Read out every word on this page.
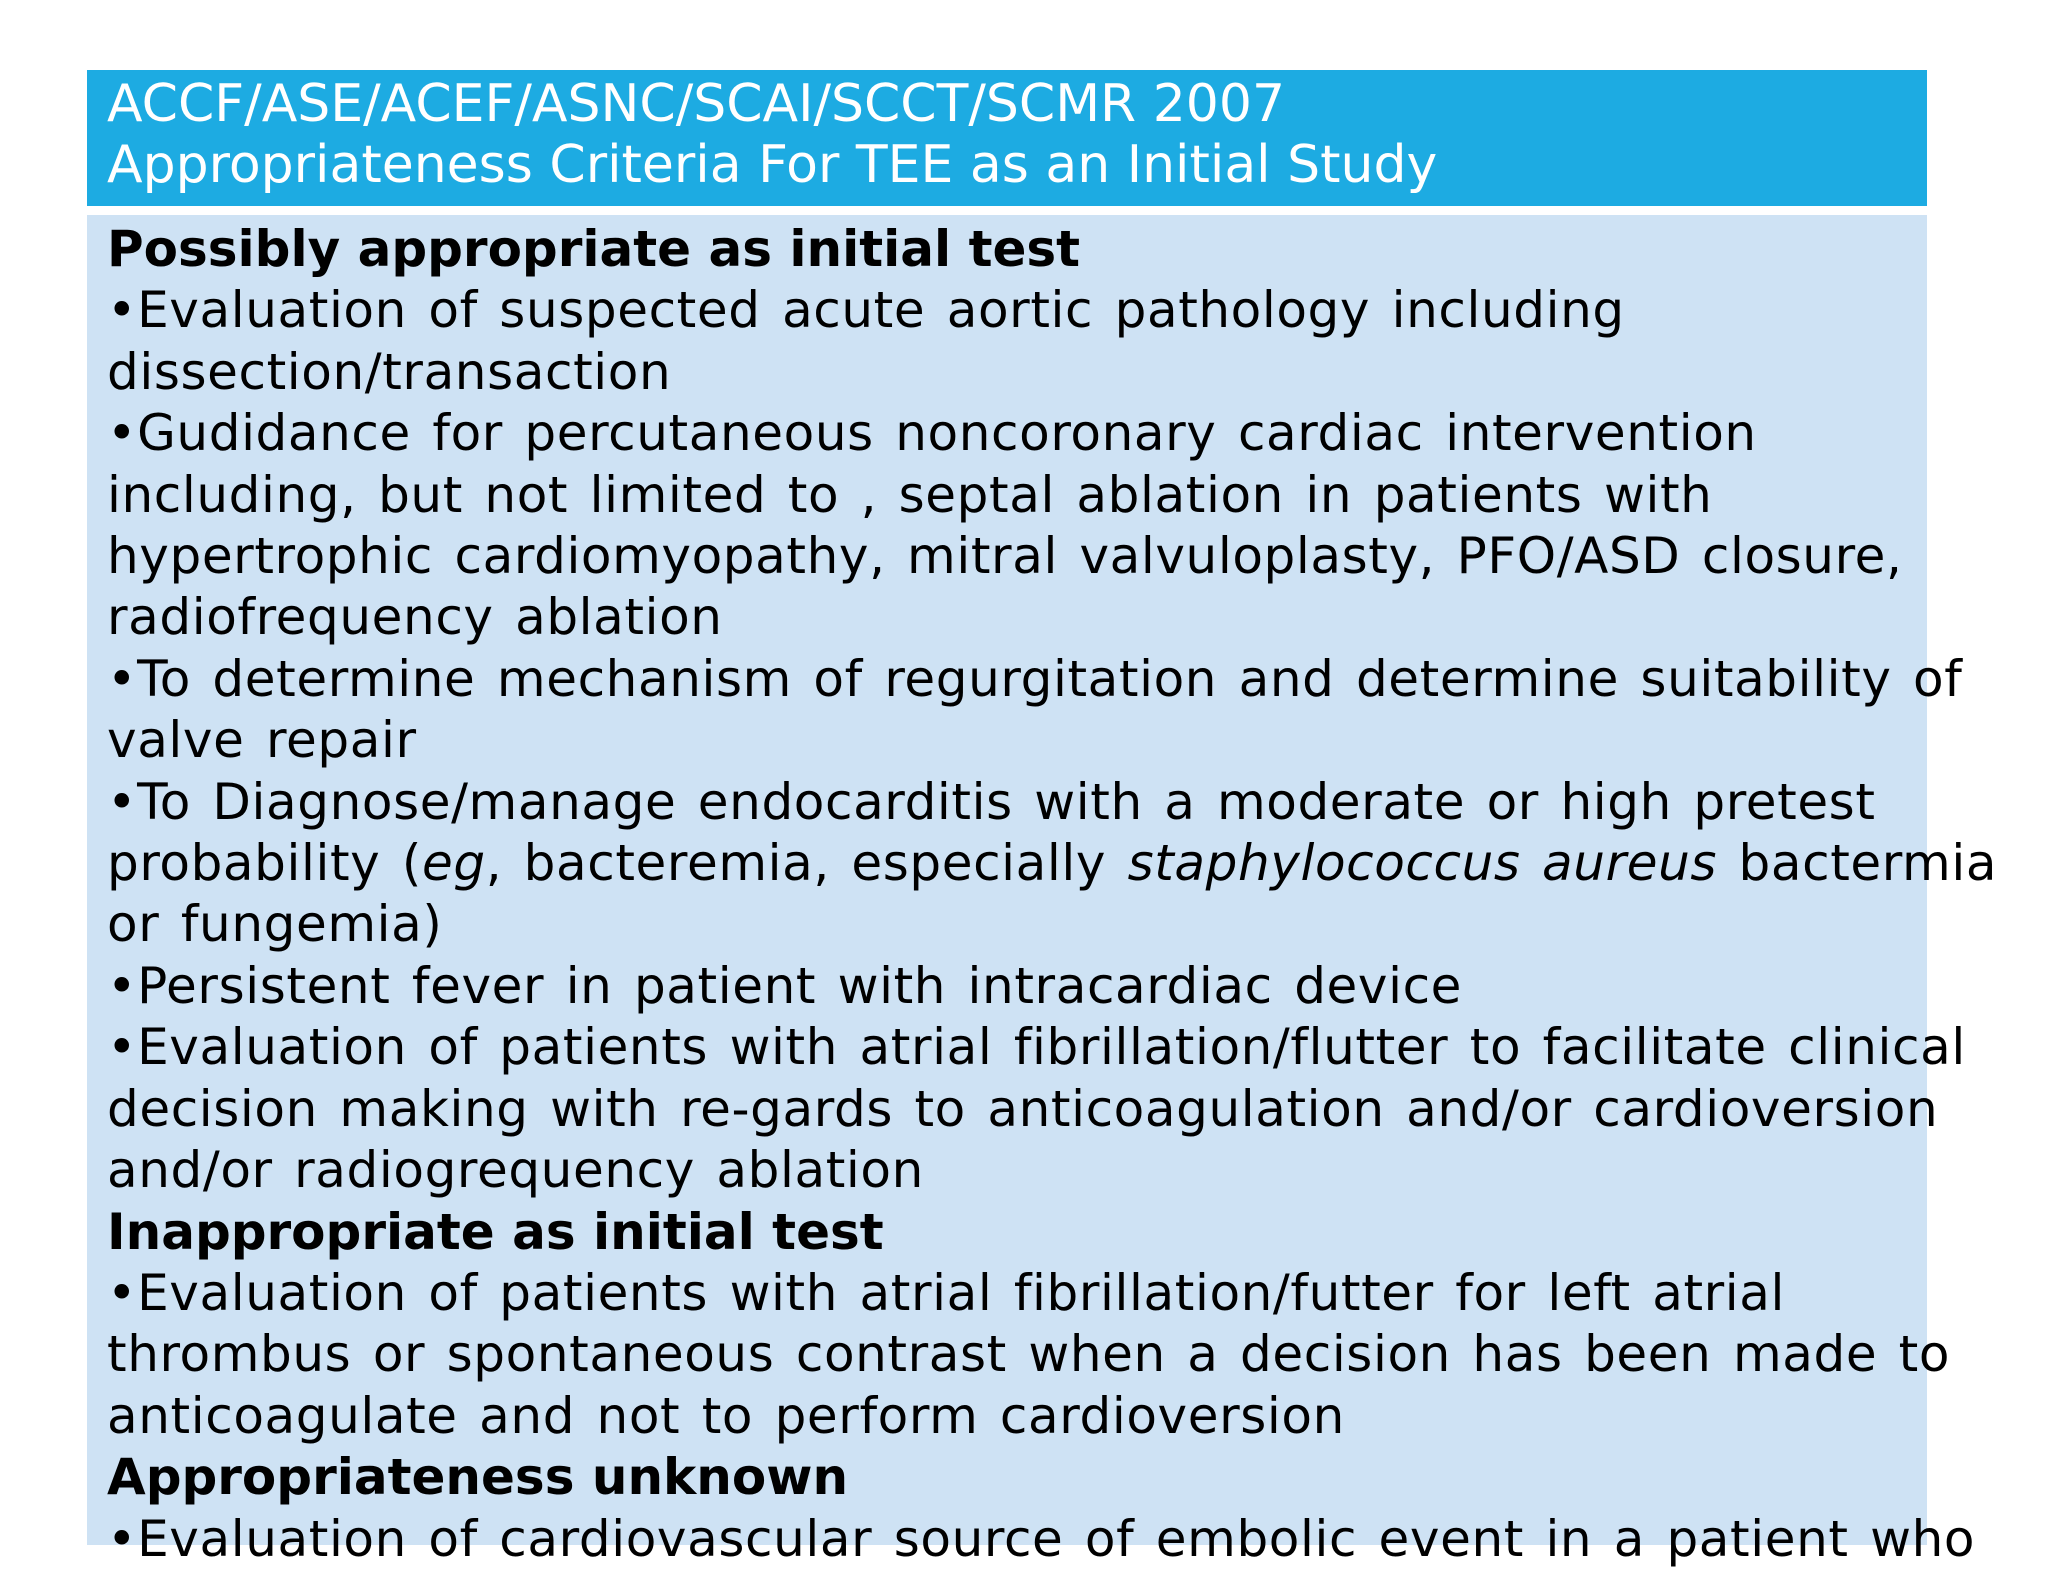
ACCF/ASE/ACEF/ASNC/SCAI/SCCT/SCMR 2007
Appropriateness Criteria For TEE as an Initial Study
Possibly appropriate as initial test
•Evaluation of suspected acute aortic pathology including
dissection/transaction
•Gudidance for percutaneous noncoronary cardiac intervention
including, but not limited to , septal ablation in patients with
hypertrophic cardiomyopathy, mitral valvuloplasty, PFO/ASD closure,
radiofrequency ablation
•To determine mechanism of regurgitation and determine suitability of
valve repair
•To Diagnose/manage endocarditis with a moderate or high pretest
probability (eg, bacteremia, especially staphylococcus aureus bactermia
or fungemia)
•Persistent fever in patient with intracardiac device
•Evaluation of patients with atrial fibrillation/flutter to facilitate clinical
decision making with re-gards to anticoagulation and/or cardioversion
and/or radiogrequency ablation
Inappropriate as initial test
•Evaluation of patients with atrial fibrillation/futter for left atrial
thrombus or spontaneous contrast when a decision has been made to
anticoagulate and not to perform cardioversion
Appropriateness unknown
•Evaluation of cardiovascular source of embolic event in a patient who
